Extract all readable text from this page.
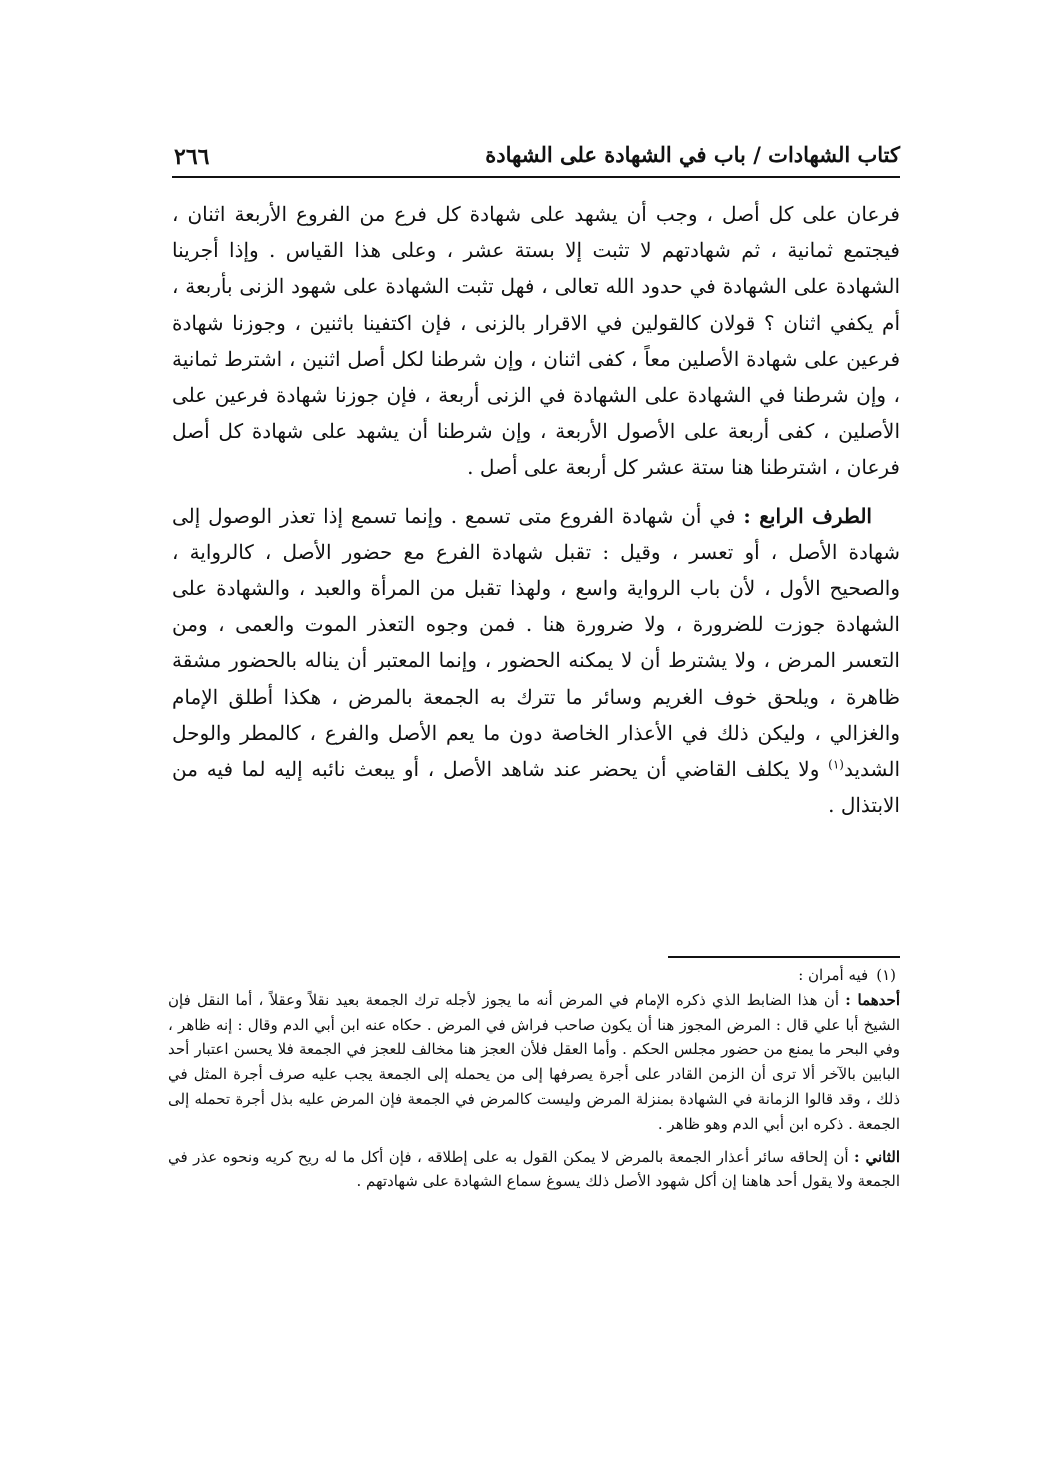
كتاب الشهادات / باب في الشهادة على الشهادة
٢٦٦

فرعان على كل أصل ، وجب أن يشهد على شهادة كل فرع من الفروع الأربعة اثنان ، فيجتمع ثمانية ، ثم شهادتهم لا تثبت إلا بستة عشر ، وعلى هذا القياس . وإذا أجرينا الشهادة على الشهادة في حدود الله تعالى ، فهل تثبت الشهادة على شهود الزنى بأربعة ، أم يكفي اثنان ؟ قولان كالقولين في الاقرار بالزنى ، فإن اكتفينا باثنين ، وجوزنا شهادة فرعين على شهادة الأصلين معاً ، كفى اثنان ، وإن شرطنا لكل أصل اثنين ، اشترط ثمانية ، وإن شرطنا في الشهادة على الشهادة في الزنى أربعة ، فإن جوزنا شهادة فرعين على الأصلين ، كفى أربعة على الأصول الأربعة ، وإن شرطنا أن يشهد على شهادة كل أصل فرعان ، اشترطنا هنا ستة عشر كل أربعة على أصل .

الطرف الرابع : في أن شهادة الفروع متى تسمع . وإنما تسمع إذا تعذر الوصول إلى شهادة الأصل ، أو تعسر ، وقيل : تقبل شهادة الفرع مع حضور الأصل ، كالرواية ، والصحيح الأول ، لأن باب الرواية واسع ، ولهذا تقبل من المرأة والعبد ، والشهادة على الشهادة جوزت للضرورة ، ولا ضرورة هنا . فمن وجوه التعذر الموت والعمى ، ومن التعسر المرض ، ولا يشترط أن لا يمكنه الحضور ، وإنما المعتبر أن يناله بالحضور مشقة ظاهرة ، ويلحق خوف الغريم وسائر ما تترك به الجمعة بالمرض ، هكذا أطلق الإمام والغزالي ، وليكن ذلك في الأعذار الخاصة دون ما يعم الأصل والفرع ، كالمطر والوحل الشديد$^{(١)}$ ولا يكلف القاضي أن يحضر عند شاهد الأصل ، أو يبعث نائبه إليه لما فيه من الابتذال .

(١)فيه أمران :

أحدهما : أن هذا الضابط الذي ذكره الإمام في المرض أنه ما يجوز لأجله ترك الجمعة بعيد نقلاً وعقلاً ، أما النقل فإن الشيخ أبا علي قال : المرض المجوز هنا أن يكون صاحب فراش في المرض . حكاه عنه ابن أبي الدم وقال : إنه ظاهر ، وفي البحر ما يمنع من حضور مجلس الحكم . وأما العقل فلأن العجز هنا مخالف للعجز في الجمعة فلا يحسن اعتبار أحد البابين بالآخر ألا ترى أن الزمن القادر على أجرة يصرفها إلى من يحمله إلى الجمعة يجب عليه صرف أجرة المثل في ذلك ، وقد قالوا الزمانة في الشهادة بمنزلة المرض وليست كالمرض في الجمعة فإن المرض عليه بذل أجرة تحمله إلى الجمعة . ذكره ابن أبي الدم وهو ظاهر .

الثاني : أن إلحاقه سائر أعذار الجمعة بالمرض لا يمكن القول به على إطلاقه ، فإن أكل ما له ريح كريه ونحوه عذر في الجمعة ولا يقول أحد هاهنا إن أكل شهود الأصل ذلك يسوغ سماع الشهادة على شهادتهم .
